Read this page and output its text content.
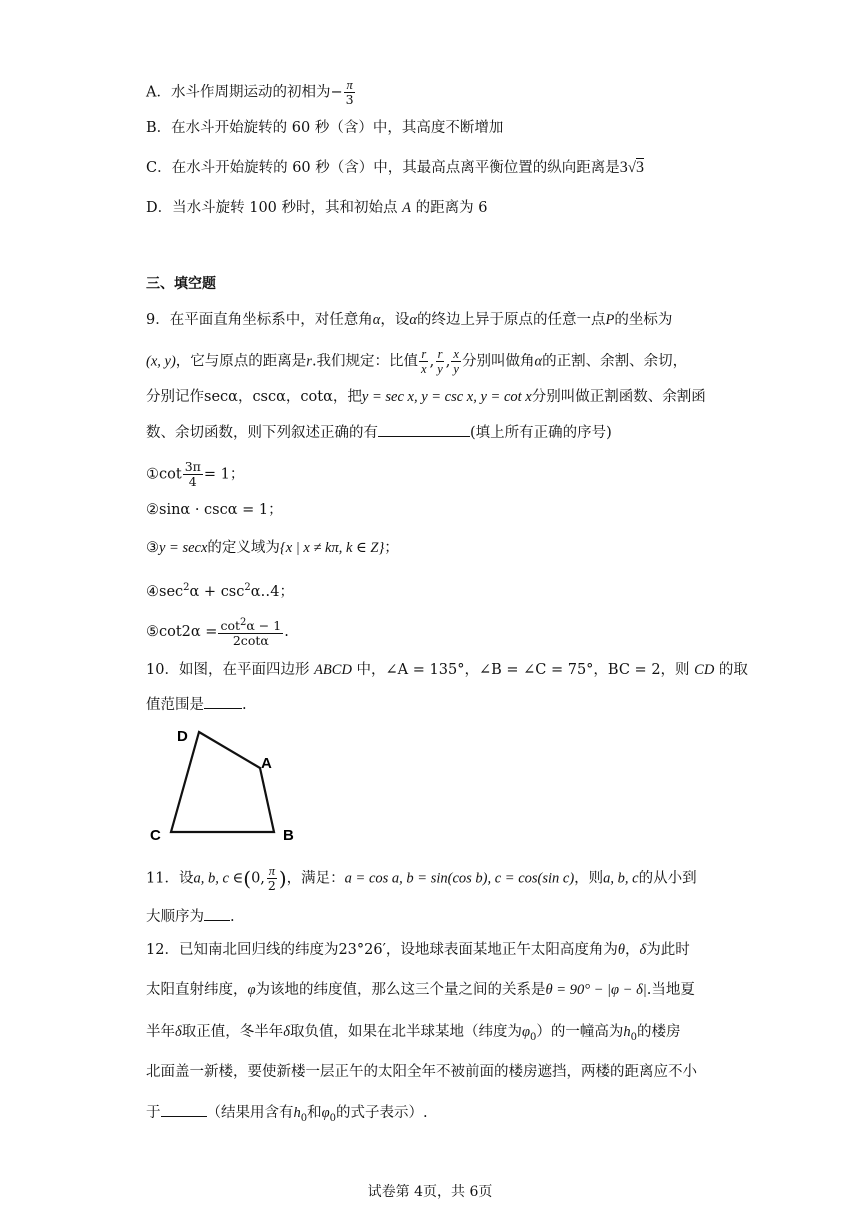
A．水斗作周期运动的初相为− $\frac{\pi}{3}$
B．在水斗开始旋转的 60 秒（含）中，其高度不断增加
C．在水斗开始旋转的 60 秒（含）中，其最高点离平衡位置的纵向距离是3√3
D．当水斗旋转 100 秒时，其和初始点 A 的距离为 6
三、填空题
9．在平面直角坐标系中，对任意角α，设α的终边上异于原点的任意一点P的坐标为
(x, y)，它与原点的距离是r.我们规定：比值 $\frac{r}{x}$ , $\frac{r}{y}$ , $\frac{x}{y}$ 分别叫做角α的正割、余割、余切，
分别记作secα，cscα，cotα，把y = sec x, y = csc x, y = cot x分别叫做正割函数、余割函
数、余切函数，则下列叙述正确的有	(填上所有正确的序号)
①cot $\frac{3\pi}{4} = 1$；
②sinα · cscα = 1；
③y = secx的定义域为{x | x ≠ kπ, k ∈ Z}；
$④\sec^2\alpha$ + $\csc^2\alpha‥4$；
⑤cot2α = $\frac{\cot^2\alpha - 1}{2\cot\alpha}$ .
10．如图，在平面四边形 ABCD 中，∠A = 135°，∠B = ∠C = 75°，BC = 2，则 CD 的取
值范围是	.
D
A
C	B
11．设a, b, c ∈(0, $\frac{\pi}{2}$ )，满足：a = cos a, b = sin(cos b), c = cos(sin c)，则a, b, c的从小到
大顺序为 .
12．已知南北回归线的纬度为23°26′，设地球表面某地正午太阳高度角为θ，δ为此时
太阳直射纬度，φ为该地的纬度值，那么这三个量之间的关系是θ = 90° − |φ − δ|.当地夏
半年δ取正值，冬半年δ取负值，如果在北半球某地（纬度为$\varphi_0$）的一幢高为$h_0$的楼房
北面盖一新楼，要使新楼一层正午的太阳全年不被前面的楼房遮挡，两楼的距离应不小
于	（结果用含有$h_0$和$\varphi_0$的式子表示）.
试卷第 4页，共 6页
